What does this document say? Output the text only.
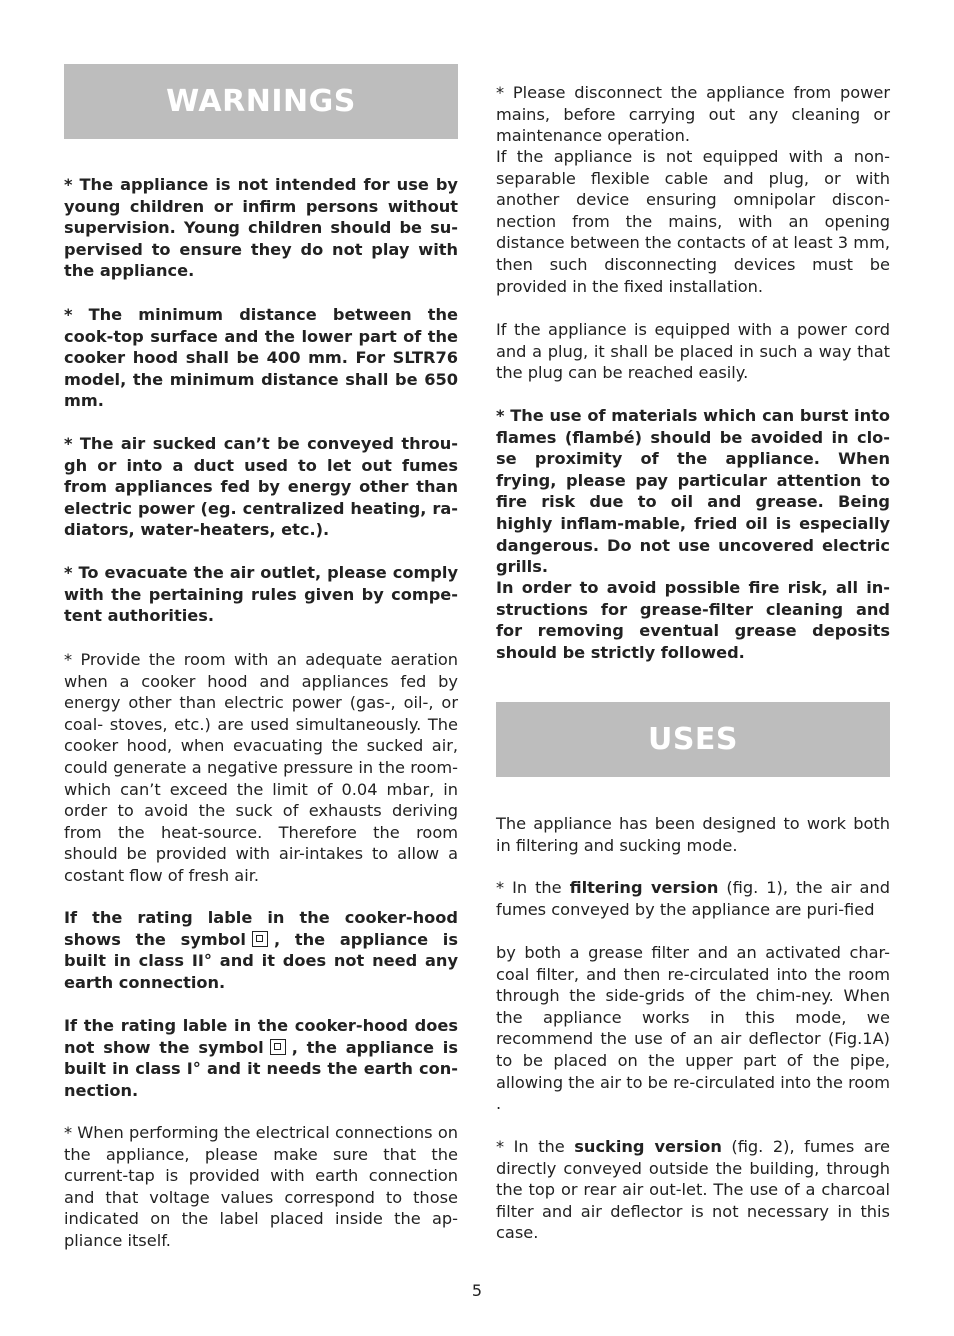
WARNINGS

* The appliance is not intended for use by young children or infirm persons without supervision. Young children should be su-pervised to ensure they do not play with the appliance.

* The minimum distance between the cook-top surface and the lower part of the cooker hood shall be 400 mm. For SLTR76 model, the minimum distance shall be 650 mm.

* The air sucked can’t be conveyed throu-gh or into a duct used to let out fumes from appliances fed by energy other than electric power (eg. centralized heating, ra-diators, water-heaters, etc.).

* To evacuate the air outlet, please comply with the pertaining rules given by compe-tent authorities.

* Provide the room with an adequate aeration when a cooker hood and appliances fed by energy other than electric power (gas-, oil-, or coal- stoves, etc.) are used simultaneously. The cooker hood, when evacuating the sucked air, could generate a negative pressure in the room- which can’t exceed the limit of 0.04 mbar, in order to avoid the suck of exhausts deriving from the heat-source. Therefore the room should be provided with air-intakes to allow a costant flow of fresh air.

If the rating lable in the cooker-hood shows the symbol , the appliance is built in class II° and it does not need any earth connection.

If the rating lable in the cooker-hood does not show the symbol , the appliance is built in class I° and it needs the earth con-nection.

* When performing the electrical connections on the appliance, please make sure that the current-tap is provided with earth connection and that voltage values correspond to those indicated on the label placed inside the ap-pliance itself.

* Please disconnect the appliance from power mains, before carrying out any cleaning or maintenance operation.

If the appliance is not equipped with a non-separable flexible cable and plug, or with another device ensuring omnipolar discon-nection from the mains, with an opening distance between the contacts of at least 3 mm, then such disconnecting devices must be provided in the fixed installation.

If the appliance is equipped with a power cord and a plug, it shall be placed in such a way that the plug can be reached easily.

* The use of materials which can burst into flames (flambé) should be avoided in clo-se proximity of the appliance. When frying, please pay particular attention to fire risk due to oil and grease. Being highly inflam-mable, fried oil is especially dangerous. Do not use uncovered electric grills.

In order to avoid possible fire risk, all in-structions for grease-filter cleaning and for removing eventual grease deposits should be strictly followed.

USES

The appliance has been designed to work both in filtering and sucking mode.

* In the filtering version (fig. 1), the air and fumes conveyed by the appliance are puri-fied

by both a grease filter and an activated char-coal filter, and then re-circulated into the room through the side-grids of the chim-ney. When the appliance works in this mode, we recommend the use of an air deflector (Fig.1A) to be placed on the upper part of the pipe, allowing the air to be re-circulated into the room .

* In the sucking version (fig. 2), fumes are directly conveyed outside the building, through the top or rear air out-let. The use of a charcoal filter and air deflector is not necessary in this case.

5
